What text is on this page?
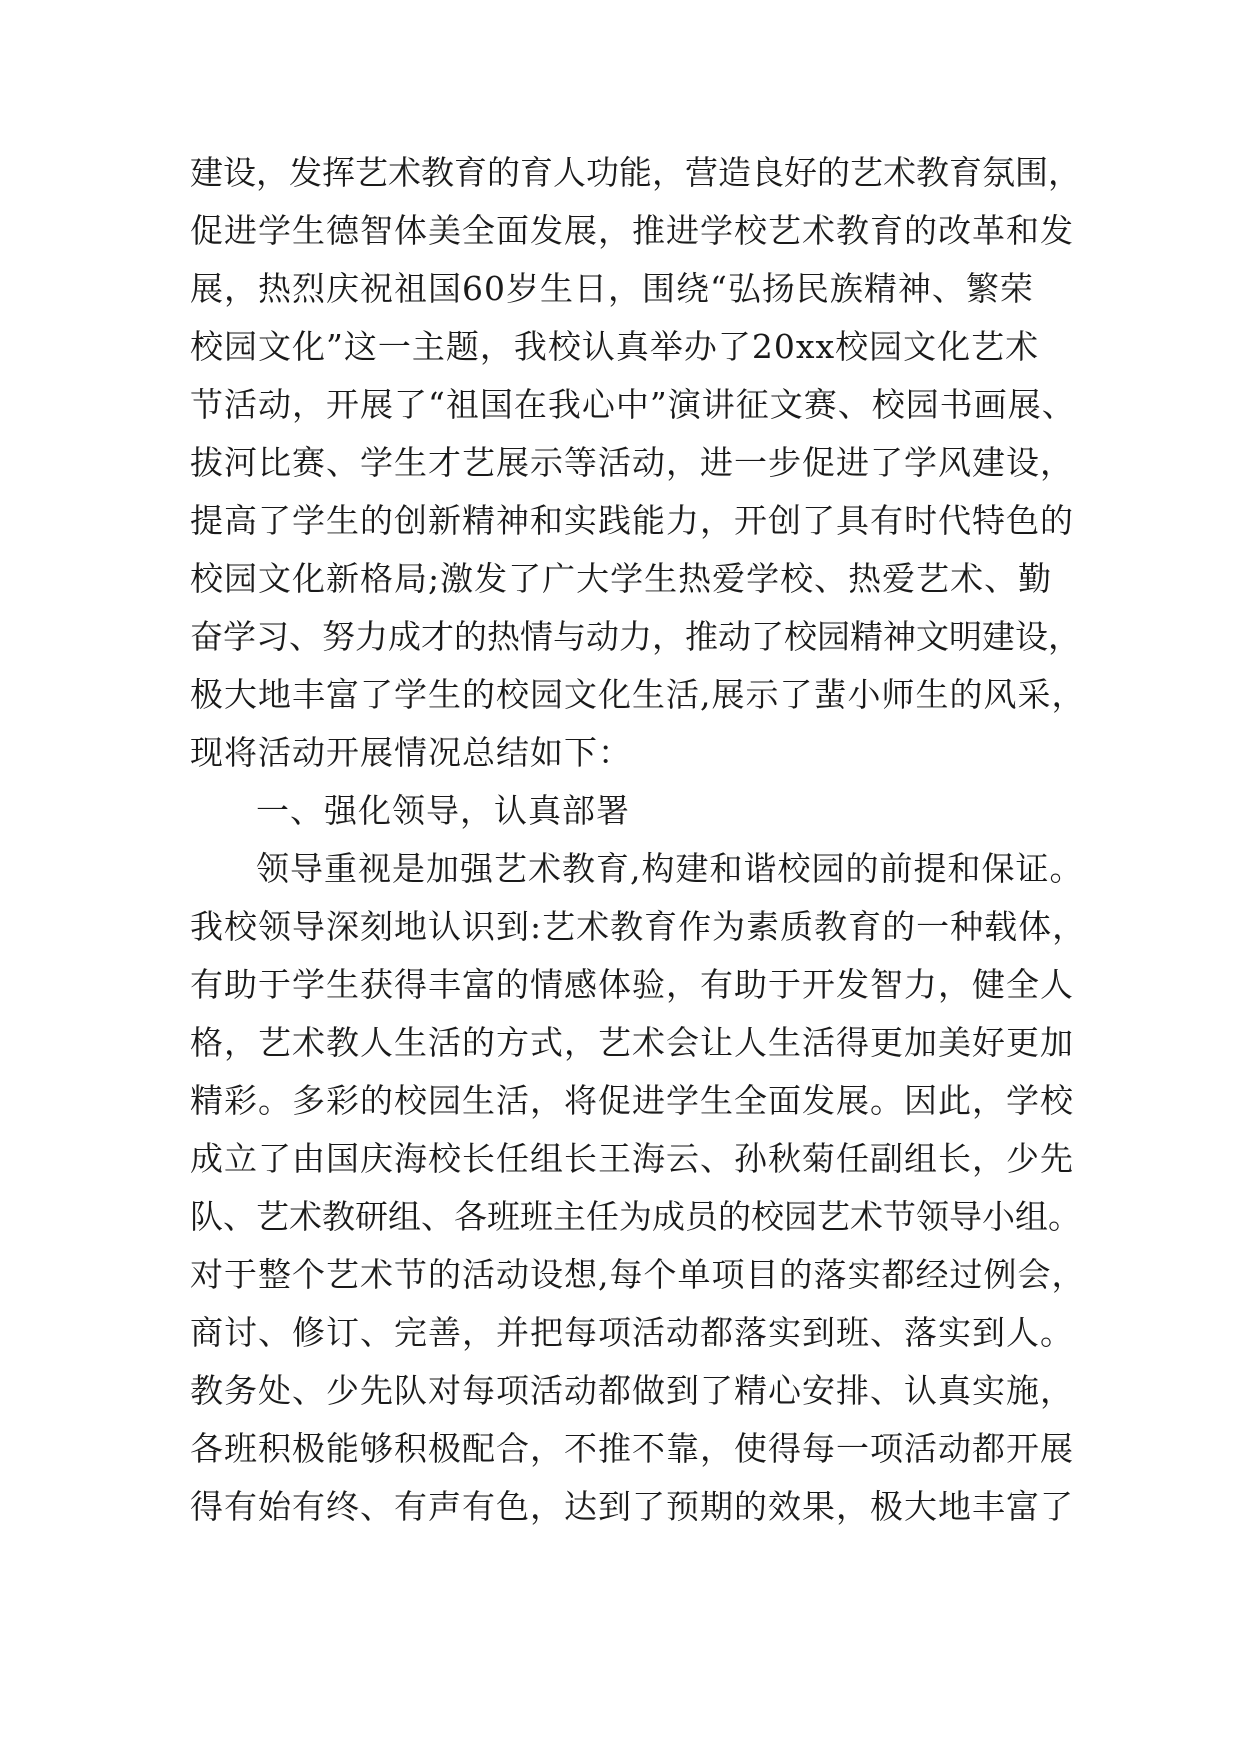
建设，发挥艺术教育的育人功能，营造良好的艺术教育氛围，
促进学生德智体美全面发展，推进学校艺术教育的改革和发
展，热烈庆祝祖国60岁生日，围绕“弘扬民族精神、繁荣
校园文化”这一主题，我校认真举办了20xx校园文化艺术
节活动，开展了“祖国在我心中”演讲征文赛、校园书画展、
拔河比赛、学生才艺展示等活动，进一步促进了学风建设，
提高了学生的创新精神和实践能力，开创了具有时代特色的
校园文化新格局;激发了广大学生热爱学校、热爱艺术、勤
奋学习、努力成才的热情与动力，推动了校园精神文明建设，
极大地丰富了学生的校园文化生活,展示了蜚小师生的风采，
现将活动开展情况总结如下：
一、强化领导，认真部署
领导重视是加强艺术教育,构建和谐校园的前提和保证。
我校领导深刻地认识到:艺术教育作为素质教育的一种载体，
有助于学生获得丰富的情感体验，有助于开发智力，健全人
格，艺术教人生活的方式，艺术会让人生活得更加美好更加
精彩。多彩的校园生活，将促进学生全面发展。因此，学校
成立了由国庆海校长任组长王海云、孙秋菊任副组长，少先
队、艺术教研组、各班班主任为成员的校园艺术节领导小组。
对于整个艺术节的活动设想,每个单项目的落实都经过例会，
商讨、修订、完善，并把每项活动都落实到班、落实到人。
教务处、少先队对每项活动都做到了精心安排、认真实施，
各班积极能够积极配合，不推不靠，使得每一项活动都开展
得有始有终、有声有色，达到了预期的效果，极大地丰富了
